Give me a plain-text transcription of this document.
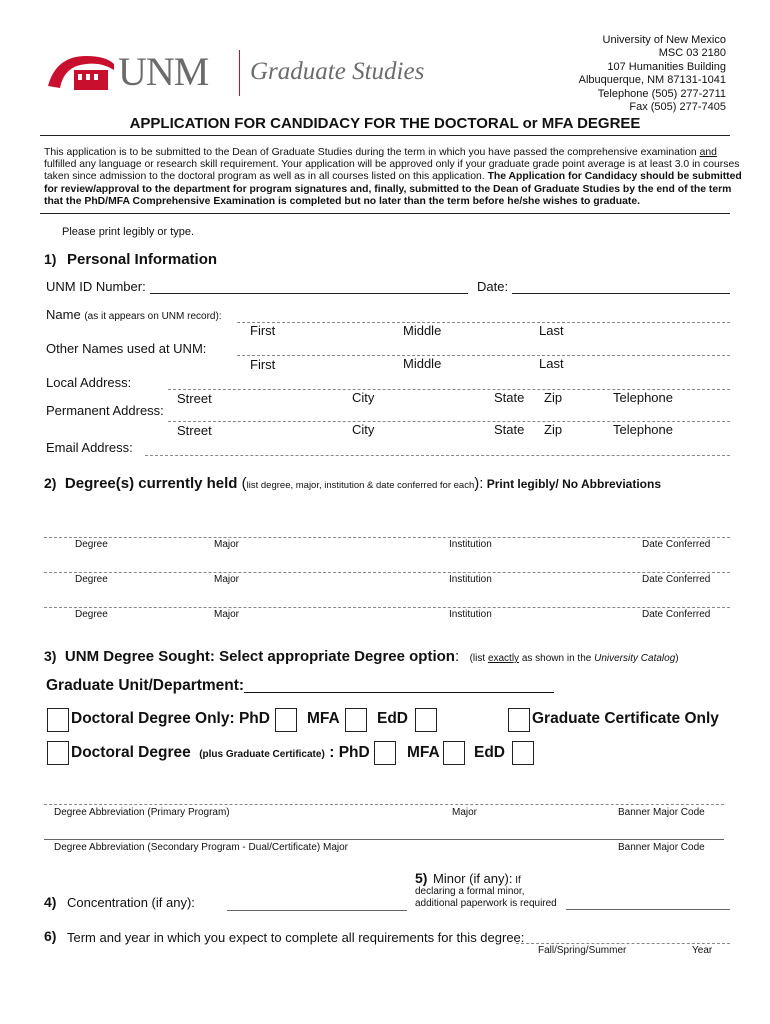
UNM Graduate Studies
University of New Mexico
MSC 03 2180
107 Humanities Building
Albuquerque, NM 87131-1041
Telephone (505) 277-2711
Fax (505) 277-7405
APPLICATION FOR CANDIDACY FOR THE DOCTORAL or MFA DEGREE
This application is to be submitted to the Dean of Graduate Studies during the term in which you have passed the comprehensive examination and
fulfilled any language or research skill requirement. Your application will be approved only if your graduate grade point average is at least 3.0 in courses
taken since admission to the doctoral program as well as in all courses listed on this application. The Application for Candidacy should be submitted
for review/approval to the department for program signatures and, finally, submitted to the Dean of Graduate Studies by the end of the term
that the PhD/MFA Comprehensive Examination is completed but no later than the term before he/she wishes to graduate.
Please print legibly or type.
1) Personal Information
UNM ID Number:	Date:
Name (as it appears on UNM record):
First	Middle	Last
Other Names used at UNM:
First	Middle	Last
Local Address:
Street	City	State Zip	Telephone
Permanent Address:
Street	City	State Zip	Telephone
Email Address:
2) Degree(s) currently held (list degree, major, institution & date conferred for each): Print legibly/ No Abbreviations
Degree	Major	Institution	Date Conferred
Degree	Major	Institution	Date Conferred
Degree	Major	Institution	Date Conferred
3) UNM Degree Sought: Select appropriate Degree option: (list exactly as shown in the University Catalog)
Graduate Unit/Department:
Doctoral Degree Only: PhD MFA EdD	Graduate Certificate Only
Doctoral Degree (plus Graduate Certificate) : PhD MFA EdD
Degree Abbreviation (Primary Program)	Major	Banner Major Code
Degree Abbreviation (Secondary Program - Dual/Certificate) Major	Banner Major Code
5) Minor (if any): If
declaring a formal minor,
additional paperwork is required
4) Concentration (if any):
6) Term and year in which you expect to complete all requirements for this degree:
Fall/Spring/Summer	Year
